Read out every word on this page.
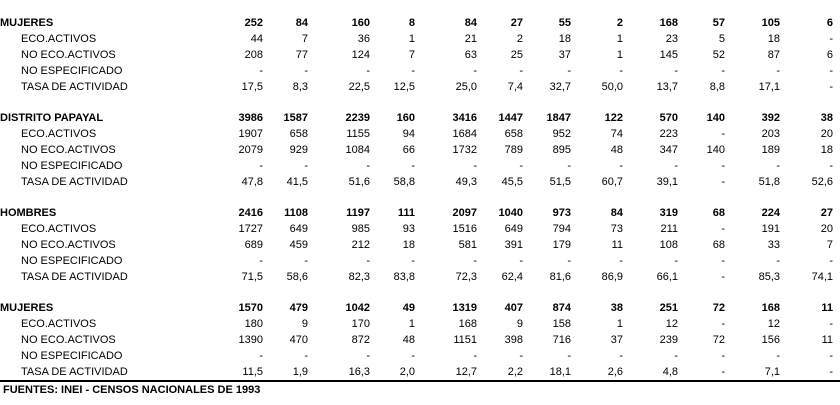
MUJERES	252	84	160	8	84	27	55	2	168	57	105	6
ECO.ACTIVOS	44	7	36	1	21	2	18	1	23	5	18	-
NO ECO.ACTIVOS	208	77	124	7	63	25	37	1	145	52	87	6
NO ESPECIFICADO	-	-	-	-	-	-	-	-	-	-	-	-
TASA DE ACTIVIDAD	17,5	8,3	22,5	12,5	25,0	7,4	32,7	50,0	13,7	8,8	17,1	-

DISTRITO PAPAYAL	3986	1587	2239	160	3416	1447	1847	122	570	140	392	38
ECO.ACTIVOS	1907	658	1155	94	1684	658	952	74	223	-	203	20
NO ECO.ACTIVOS	2079	929	1084	66	1732	789	895	48	347	140	189	18
NO ESPECIFICADO	-	-	-	-	-	-	-	-	-	-	-	-
TASA DE ACTIVIDAD	47,8	41,5	51,6	58,8	49,3	45,5	51,5	60,7	39,1	-	51,8	52,6

HOMBRES	2416	1108	1197	111	2097	1040	973	84	319	68	224	27
ECO.ACTIVOS	1727	649	985	93	1516	649	794	73	211	-	191	20
NO ECO.ACTIVOS	689	459	212	18	581	391	179	11	108	68	33	7
NO ESPECIFICADO	-	-	-	-	-	-	-	-	-	-	-	-
TASA DE ACTIVIDAD	71,5	58,6	82,3	83,8	72,3	62,4	81,6	86,9	66,1	-	85,3	74,1

MUJERES	1570	479	1042	49	1319	407	874	38	251	72	168	11
ECO.ACTIVOS	180	9	170	1	168	9	158	1	12	-	12	-
NO ECO.ACTIVOS	1390	470	872	48	1151	398	716	37	239	72	156	11
NO ESPECIFICADO	-	-	-	-	-	-	-	-	-	-	-	-
TASA DE ACTIVIDAD	11,5	1,9	16,3	2,0	12,7	2,2	18,1	2,6	4,8	-	7,1	-
FUENTES: INEI - CENSOS NACIONALES DE 1993
